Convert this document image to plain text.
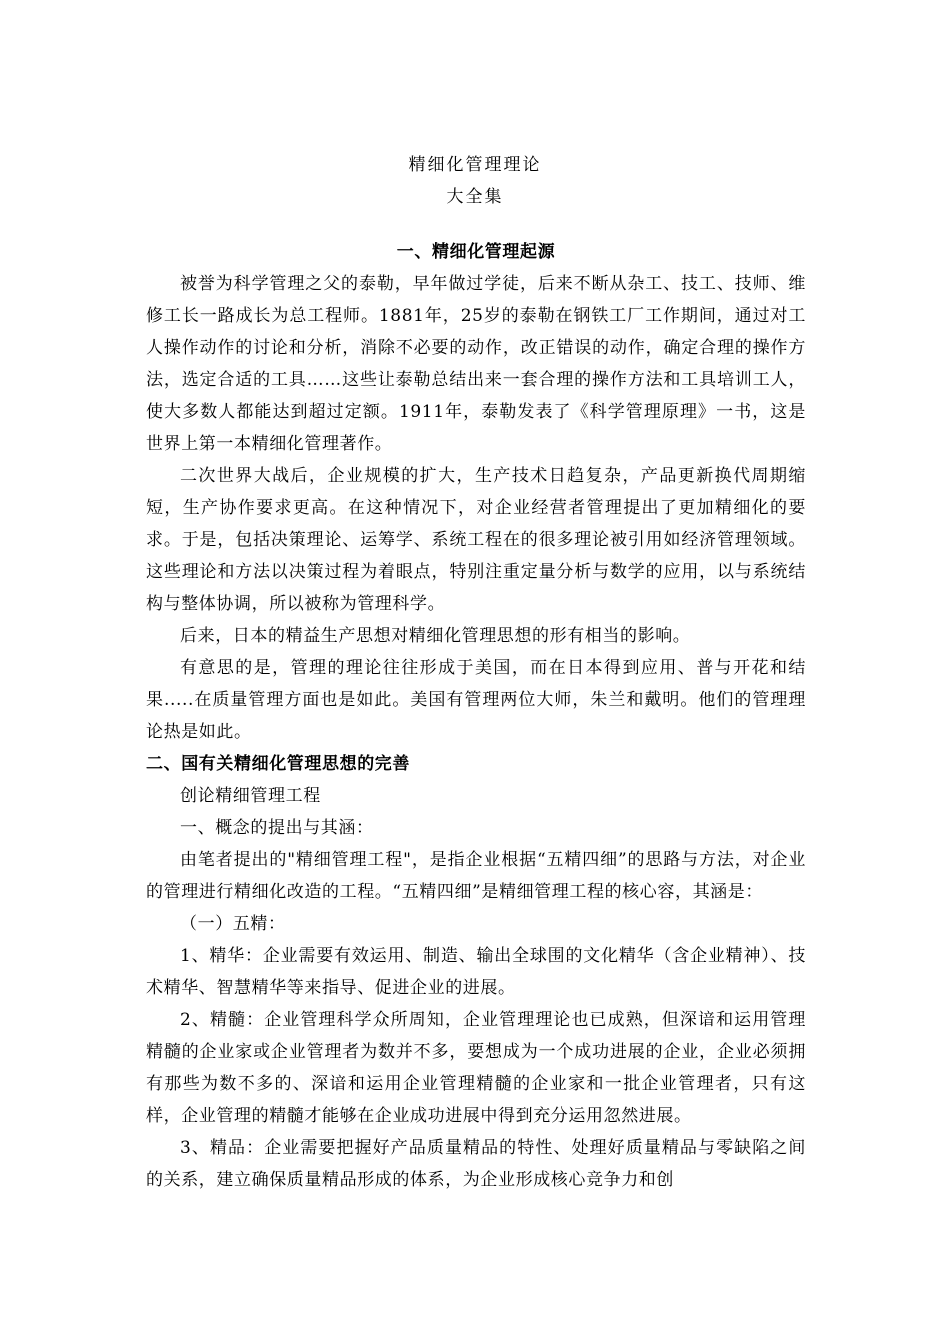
精细化管理理论
大全集

一、精细化管理起源

被誉为科学管理之父的泰勒，早年做过学徒，后来不断从杂工、技工、技师、维修工长一路成长为总工程师。1881年，25岁的泰勒在钢铁工厂工作期间，通过对工人操作动作的讨论和分析，消除不必要的动作，改正错误的动作，确定合理的操作方法，选定合适的工具……这些让泰勒总结出来一套合理的操作方法和工具培训工人，使大多数人都能达到超过定额。1911年，泰勒发表了《科学管理原理》一书，这是世界上第一本精细化管理著作。

二次世界大战后，企业规模的扩大，生产技术日趋复杂，产品更新换代周期缩短，生产协作要求更高。在这种情况下，对企业经营者管理提出了更加精细化的要求。于是，包括决策理论、运筹学、系统工程在的很多理论被引用如经济管理领域。这些理论和方法以决策过程为着眼点，特别注重定量分析与数学的应用，以与系统结构与整体协调，所以被称为管理科学。

后来，日本的精益生产思想对精细化管理思想的形有相当的影响。

有意思的是，管理的理论往往形成于美国，而在日本得到应用、普与开花和结果.....在质量管理方面也是如此。美国有管理两位大师，朱兰和戴明。他们的管理理论热是如此。

二、国有关精细化管理思想的完善

创论精细管理工程

一、概念的提出与其涵：

由笔者提出的"精细管理工程"，是指企业根据“五精四细”的思路与方法，对企业的管理进行精细化改造的工程。“五精四细”是精细管理工程的核心容，其涵是：

（一）五精：

1、精华：企业需要有效运用、制造、输出全球围的文化精华（含企业精神）、技术精华、智慧精华等来指导、促进企业的进展。

2、精髓：企业管理科学众所周知，企业管理理论也已成熟，但深谙和运用管理精髓的企业家或企业管理者为数并不多，要想成为一个成功进展的企业，企业必须拥有那些为数不多的、深谙和运用企业管理精髓的企业家和一批企业管理者，只有这样，企业管理的精髓才能够在企业成功进展中得到充分运用忽然进展。

3、精品：企业需要把握好产品质量精品的特性、处理好质量精品与零缺陷之间的关系，建立确保质量精品形成的体系，为企业形成核心竞争力和创
